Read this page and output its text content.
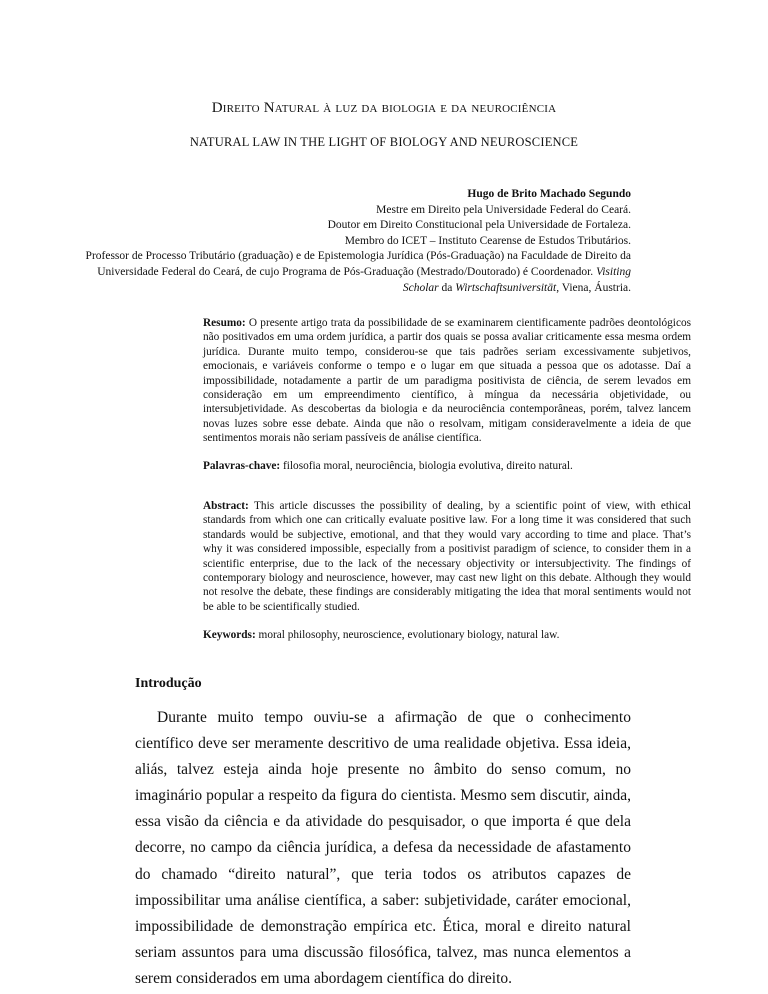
Direito Natural à luz da biologia e da neurociência
NATURAL LAW IN THE LIGHT OF BIOLOGY AND NEUROSCIENCE
Hugo de Brito Machado Segundo
Mestre em Direito pela Universidade Federal do Ceará.
Doutor em Direito Constitucional pela Universidade de Fortaleza.
Membro do ICET – Instituto Cearense de Estudos Tributários.
Professor de Processo Tributário (graduação) e de Epistemologia Jurídica (Pós-Graduação) na Faculdade de Direito da Universidade Federal do Ceará, de cujo Programa de Pós-Graduação (Mestrado/Doutorado) é Coordenador. Visiting Scholar da Wirtschaftsuniversität, Viena, Áustria.
Resumo: O presente artigo trata da possibilidade de se examinarem cientificamente padrões deontológicos não positivados em uma ordem jurídica, a partir dos quais se possa avaliar criticamente essa mesma ordem jurídica. Durante muito tempo, considerou-se que tais padrões seriam excessivamente subjetivos, emocionais, e variáveis conforme o tempo e o lugar em que situada a pessoa que os adotasse. Daí a impossibilidade, notadamente a partir de um paradigma positivista de ciência, de serem levados em consideração em um empreendimento científico, à míngua da necessária objetividade, ou intersubjetividade. As descobertas da biologia e da neurociência contemporâneas, porém, talvez lancem novas luzes sobre esse debate. Ainda que não o resolvam, mitigam consideravelmente a ideia de que sentimentos morais não seriam passíveis de análise científica.
Palavras-chave: filosofia moral, neurociência, biologia evolutiva, direito natural.
Abstract: This article discusses the possibility of dealing, by a scientific point of view, with ethical standards from which one can critically evaluate positive law. For a long time it was considered that such standards would be subjective, emotional, and that they would vary according to time and place. That’s why it was considered impossible, especially from a positivist paradigm of science, to consider them in a scientific enterprise, due to the lack of the necessary objectivity or intersubjectivity. The findings of contemporary biology and neuroscience, however, may cast new light on this debate. Although they would not resolve the debate, these findings are considerably mitigating the idea that moral sentiments would not be able to be scientifically studied.
Keywords: moral philosophy, neuroscience, evolutionary biology, natural law.
Introdução
Durante muito tempo ouviu-se a afirmação de que o conhecimento científico deve ser meramente descritivo de uma realidade objetiva. Essa ideia, aliás, talvez esteja ainda hoje presente no âmbito do senso comum, no imaginário popular a respeito da figura do cientista. Mesmo sem discutir, ainda, essa visão da ciência e da atividade do pesquisador, o que importa é que dela decorre, no campo da ciência jurídica, a defesa da necessidade de afastamento do chamado “direito natural”, que teria todos os atributos capazes de impossibilitar uma análise científica, a saber: subjetividade, caráter emocional, impossibilidade de demonstração empírica etc. Ética, moral e direito natural seriam assuntos para uma discussão filosófica, talvez, mas nunca elementos a serem considerados em uma abordagem científica do direito.
